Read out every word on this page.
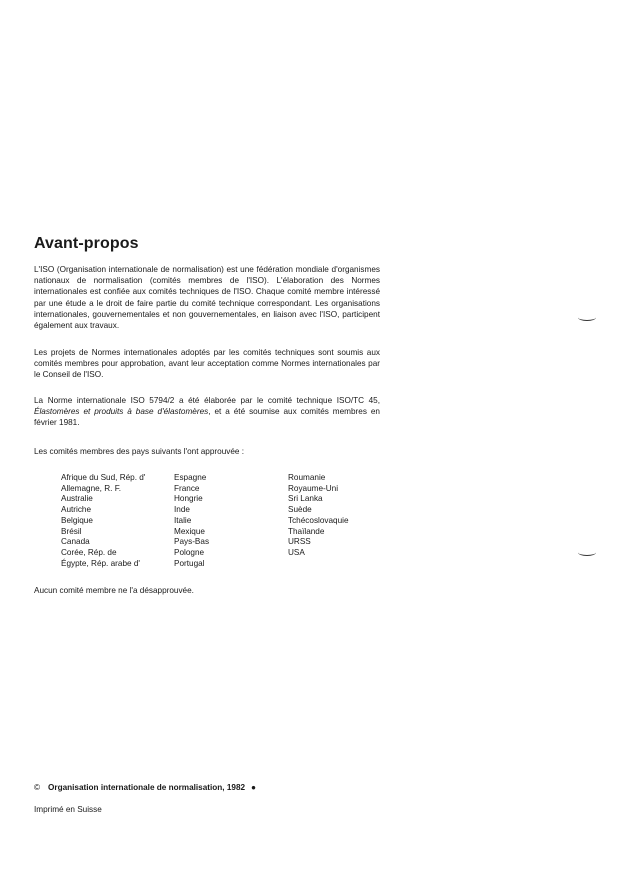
Avant-propos

L'ISO (Organisation internationale de normalisation) est une fédération mondiale d'organismes nationaux de normalisation (comités membres de l'ISO). L'élaboration des Normes internationales est confiée aux comités techniques de l'ISO. Chaque comité membre intéressé par une étude a le droit de faire partie du comité technique correspondant. Les organisations internationales, gouvernementales et non gouvernementales, en liaison avec l'ISO, participent également aux travaux.

Les projets de Normes internationales adoptés par les comités techniques sont soumis aux comités membres pour approbation, avant leur acceptation comme Normes internationales par le Conseil de l'ISO.

La Norme internationale ISO 5794/2 a été élaborée par le comité technique ISO/TC 45, Élastomères et produits à base d'élastomères, et a été soumise aux comités membres en février 1981.

Les comités membres des pays suivants l'ont approuvée :

Afrique du Sud, Rép. d'
Allemagne, R. F.
Australie
Autriche
Belgique
Brésil
Canada
Corée, Rép. de
Égypte, Rép. arabe d'
Espagne
France
Hongrie
Inde
Italie
Mexique
Pays-Bas
Pologne
Portugal
Roumanie
Royaume-Uni
Sri Lanka
Suède
Tchécoslovaquie
Thaïlande
URSS
USA

Aucun comité membre ne l'a désapprouvée.

© Organisation internationale de normalisation, 1982 ●
Imprimé en Suisse
